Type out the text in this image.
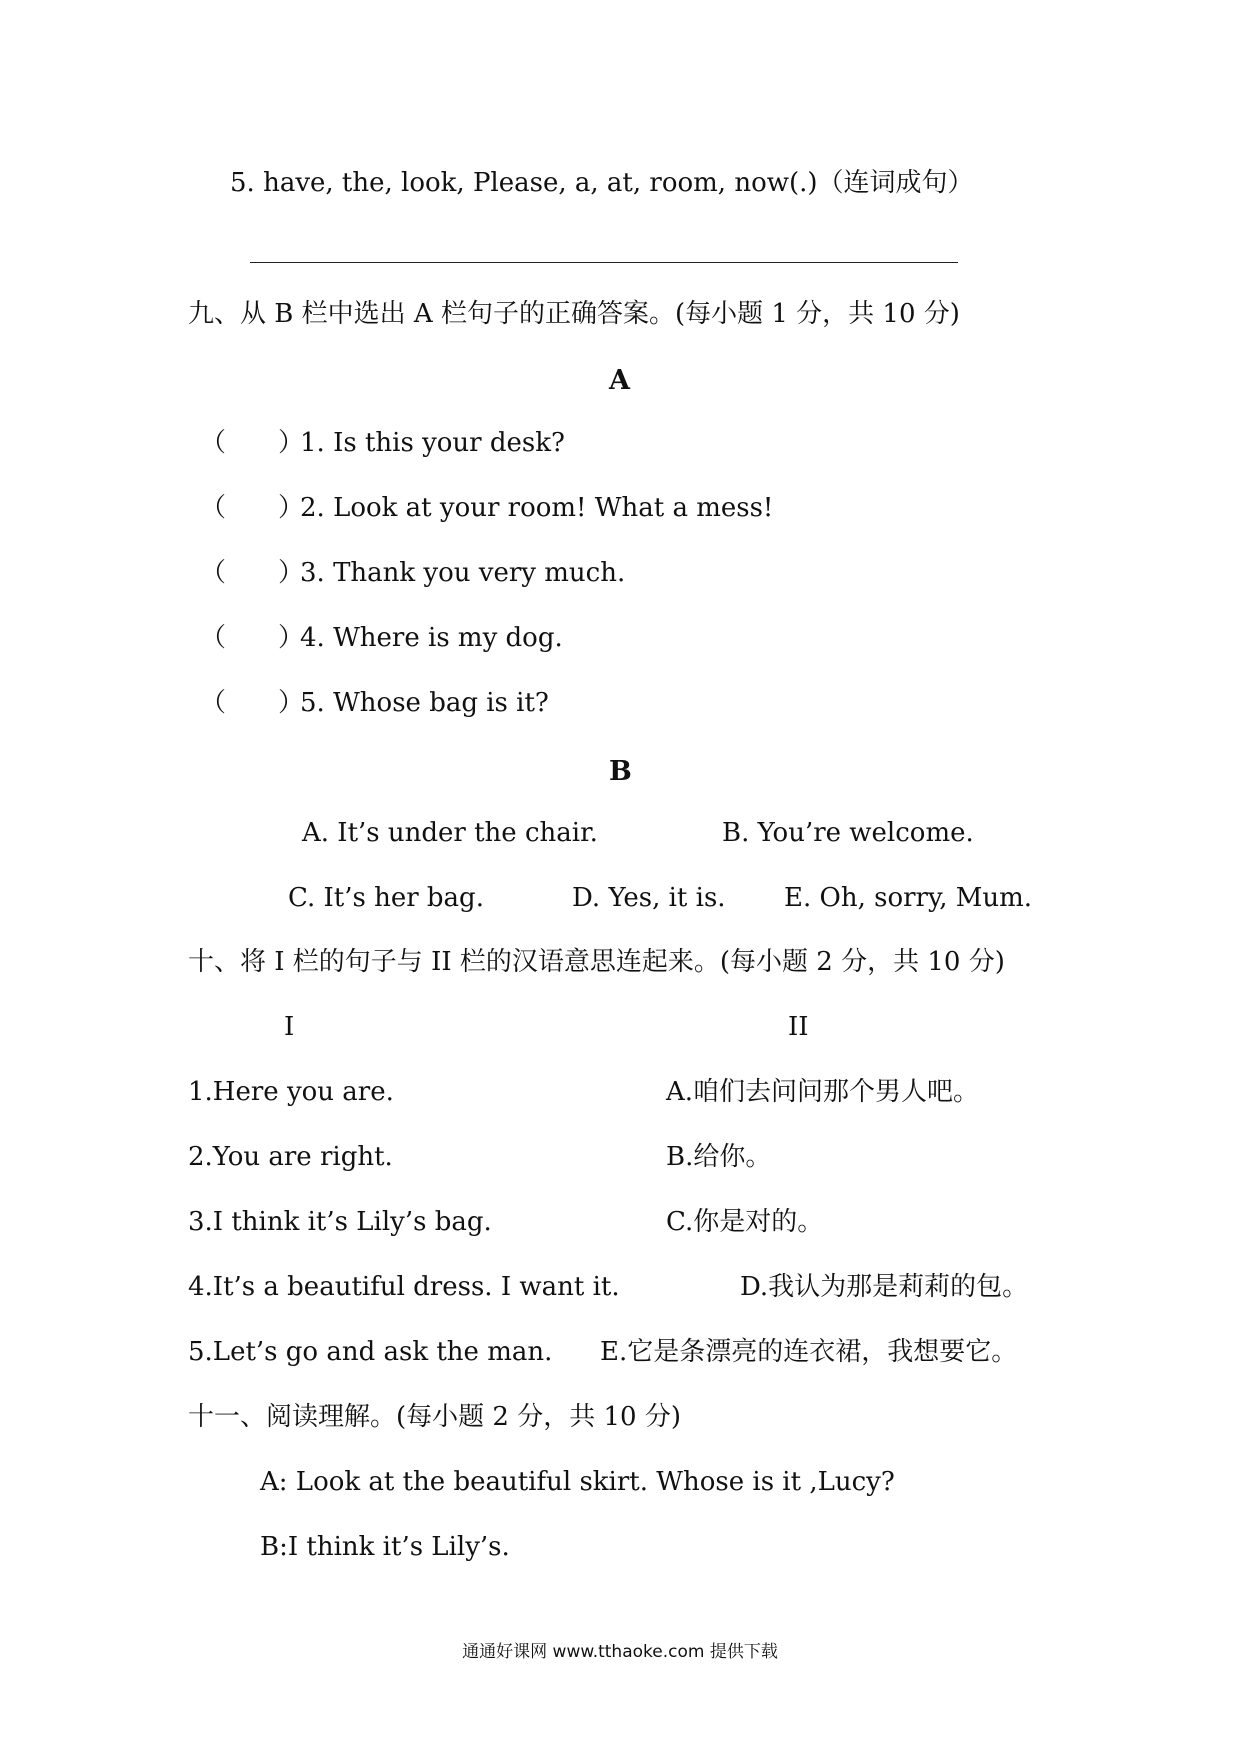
5. have, the, look, Please, a, at, room, now(.)（连词成句）
九、从 B 栏中选出 A 栏句子的正确答案。(每小题 1 分，共 10 分)
A
（　　）1. Is this your desk?
（　　）2. Look at your room! What a mess!
（　　）3. Thank you very much.
（　　）4. Where is my dog.
（　　）5. Whose bag is it?
B
A. It’s under the chair.	B. You’re welcome.
C. It’s her bag.	D. Yes, it is. E. Oh, sorry, Mum.
十、将 I 栏的句子与 II 栏的汉语意思连起来。(每小题 2 分，共 10 分)
I	II
1.Here you are.	A.咱们去问问那个男人吧。
2.You are right.	B.给你。
3.I think it’s Lily’s bag.	C.你是对的。
4.It’s a beautiful dress. I want it.	D.我认为那是莉莉的包。
5.Let’s go and ask the man. E.它是条漂亮的连衣裙，我想要它。
十一、阅读理解。(每小题 2 分，共 10 分)
A: Look at the beautiful skirt. Whose is it ,Lucy?
B:I think it’s Lily’s.
通通好课网 www.tthaoke.com 提供下载
